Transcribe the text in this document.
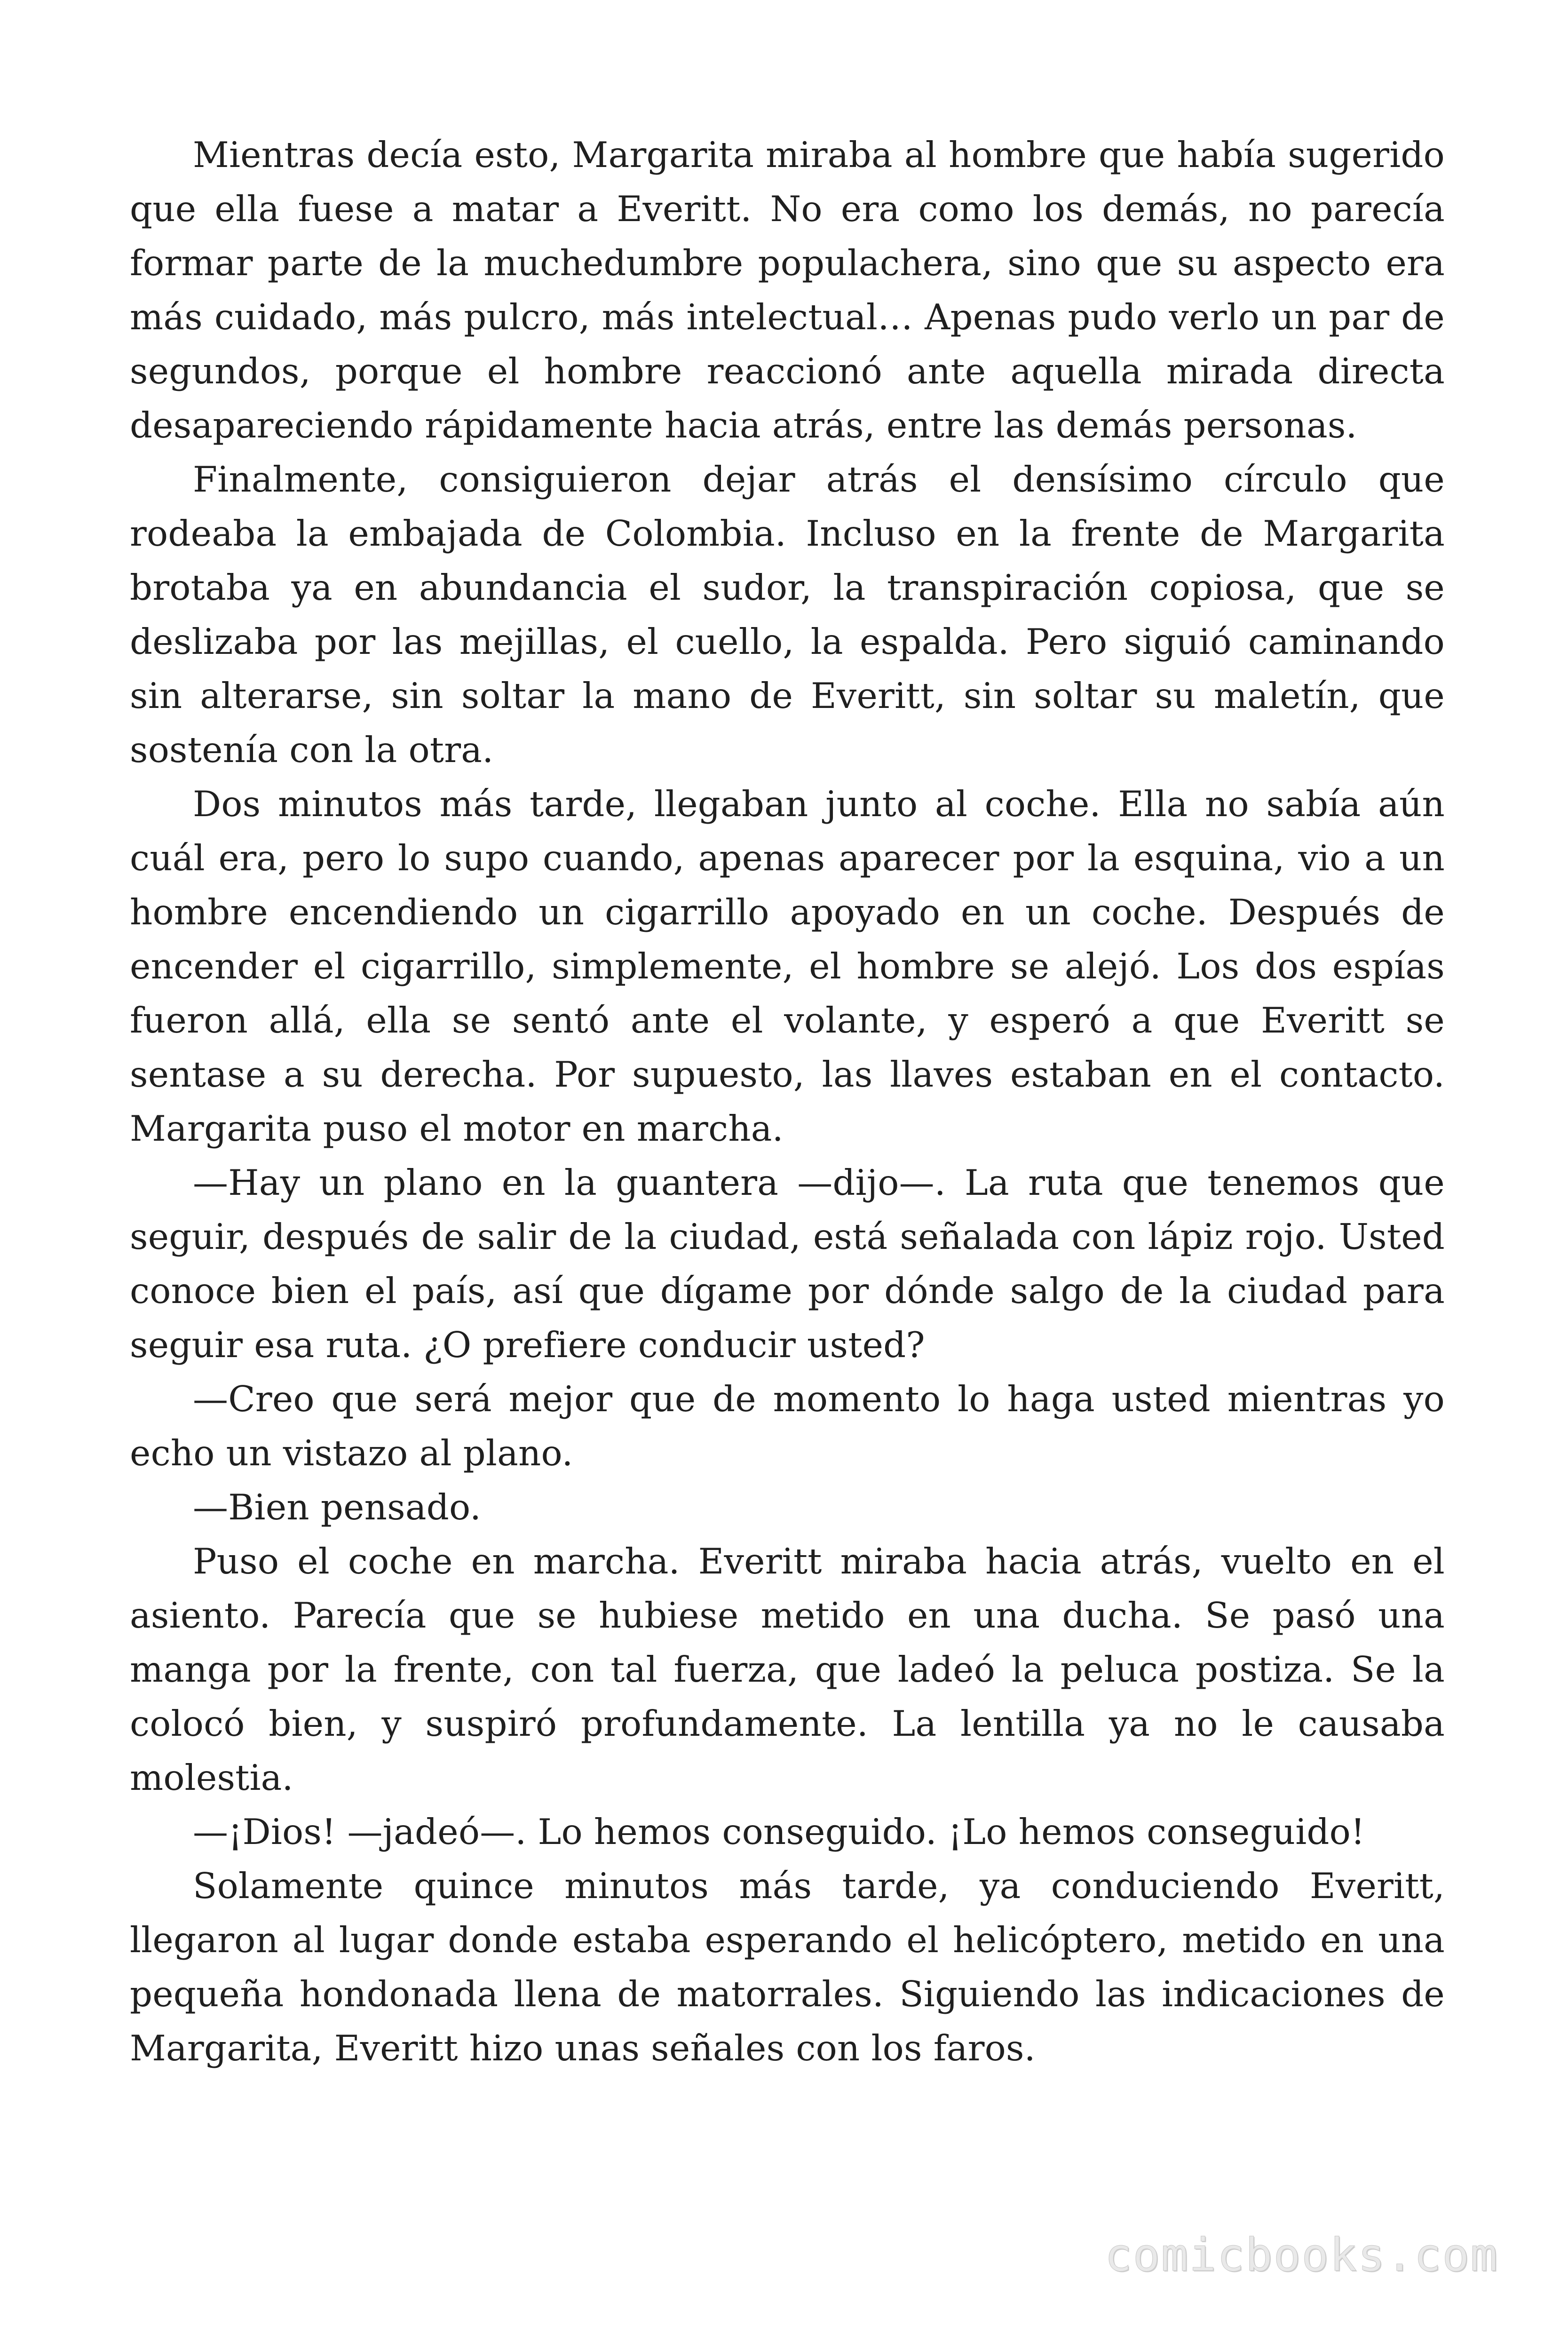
Mientras decía esto, Margarita miraba al hombre que había sugerido que ella fuese a matar a Everitt. No era como los demás, no parecía formar parte de la muchedumbre populachera, sino que su aspecto era más cuidado, más pulcro, más intelectual… Apenas pudo verlo un par de segundos, porque el hombre reaccionó ante aquella mirada directa desapareciendo rápidamente hacia atrás, entre las demás personas.

Finalmente, consiguieron dejar atrás el densísimo círculo que rodeaba la embajada de Colombia. Incluso en la frente de Margarita brotaba ya en abundancia el sudor, la transpiración copiosa, que se deslizaba por las mejillas, el cuello, la espalda. Pero siguió caminando sin alterarse, sin soltar la mano de Everitt, sin soltar su maletín, que sostenía con la otra.

Dos minutos más tarde, llegaban junto al coche. Ella no sabía aún cuál era, pero lo supo cuando, apenas aparecer por la esquina, vio a un hombre encendiendo un cigarrillo apoyado en un coche. Después de encender el cigarrillo, simplemente, el hombre se alejó. Los dos espías fueron allá, ella se sentó ante el volante, y esperó a que Everitt se sentase a su derecha. Por supuesto, las llaves estaban en el contacto. Margarita puso el motor en marcha.

—Hay un plano en la guantera —dijo—. La ruta que tenemos que seguir, después de salir de la ciudad, está señalada con lápiz rojo. Usted conoce bien el país, así que dígame por dónde salgo de la ciudad para seguir esa ruta. ¿O prefiere conducir usted?

—Creo que será mejor que de momento lo haga usted mientras yo echo un vistazo al plano.

—Bien pensado.

Puso el coche en marcha. Everitt miraba hacia atrás, vuelto en el asiento. Parecía que se hubiese metido en una ducha. Se pasó una manga por la frente, con tal fuerza, que ladeó la peluca postiza. Se la colocó bien, y suspiró profundamente. La lentilla ya no le causaba molestia.

—¡Dios! —jadeó—. Lo hemos conseguido. ¡Lo hemos conseguido!

Solamente quince minutos más tarde, ya conduciendo Everitt, llegaron al lugar donde estaba esperando el helicóptero, metido en una pequeña hondonada llena de matorrales. Siguiendo las indicaciones de Margarita, Everitt hizo unas señales con los faros.

comicbooks.com
